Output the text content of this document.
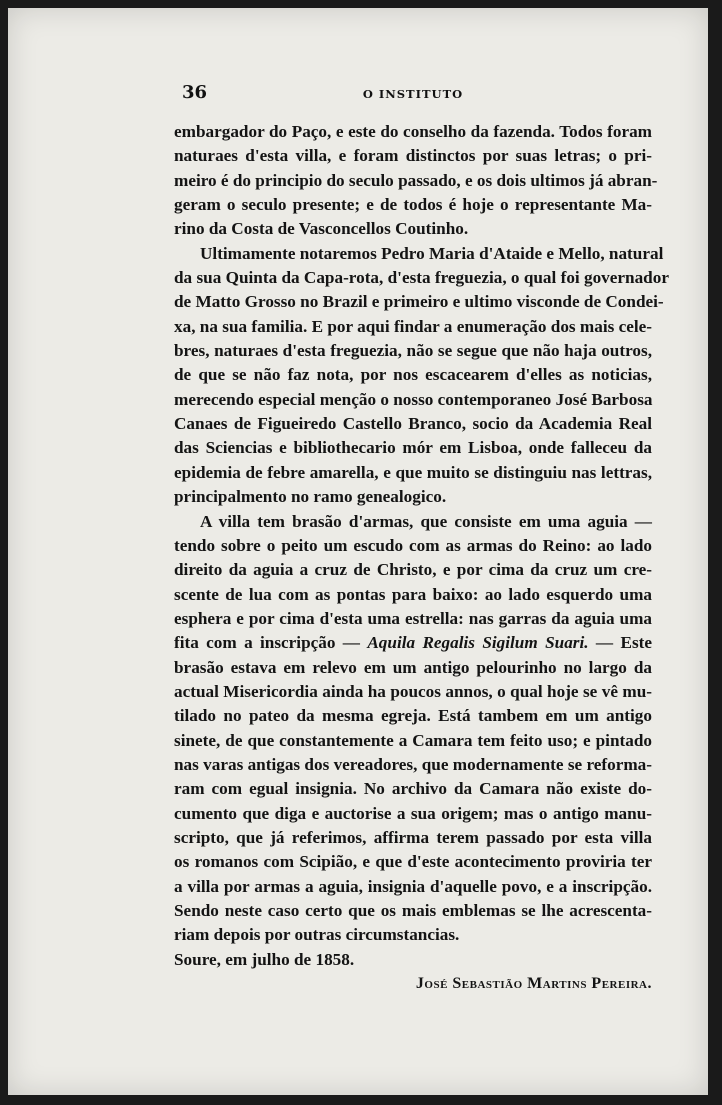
36	O INSTITUTO

embargador do Paço, e este do conselho da fazenda. Todos foram
naturaes d'esta villa, e foram distinctos por suas letras; o pri-
meiro é do principio do seculo passado, e os dois ultimos já abran-
geram o seculo presente; e de todos é hoje o representante Ma-
rino da Costa de Vasconcellos Coutinho.

Ultimamente notaremos Pedro Maria d'Ataide e Mello, natural
da sua Quinta da Capa-rota, d'esta freguezia, o qual foi governador
de Matto Grosso no Brazil e primeiro e ultimo visconde de Condei-
xa, na sua familia. E por aqui findar a enumeração dos mais cele-
bres, naturaes d'esta freguezia, não se segue que não haja outros,
de que se não faz nota, por nos escacearem d'elles as noticias,
merecendo especial menção o nosso contemporaneo José Barbosa
Canaes de Figueiredo Castello Branco, socio da Academia Real
das Sciencias e bibliothecario mór em Lisboa, onde falleceu da
epidemia de febre amarella, e que muito se distinguiu nas lettras,
principalmento no ramo genealogico.

A villa tem brasão d'armas, que consiste em uma aguia —
tendo sobre o peito um escudo com as armas do Reino: ao lado
direito da aguia a cruz de Christo, e por cima da cruz um cre-
scente de lua com as pontas para baixo: ao lado esquerdo uma
esphera e por cima d'esta uma estrella: nas garras da aguia uma
fita com a inscripção — Aquila Regalis Sigilum Suari. — Este
brasão estava em relevo em um antigo pelourinho no largo da
actual Misericordia ainda ha poucos annos, o qual hoje se vê mu-
tilado no pateo da mesma egreja. Está tambem em um antigo
sinete, de que constantemente a Camara tem feito uso; e pintado
nas varas antigas dos vereadores, que modernamente se reforma-
ram com egual insignia. No archivo da Camara não existe do-
cumento que diga e auctorise a sua origem; mas o antigo manu-
scripto, que já referimos, affirma terem passado por esta villa
os romanos com Scipião, e que d'este acontecimento proviria ter
a villa por armas a aguia, insignia d'aquelle povo, e a inscripção.
Sendo neste caso certo que os mais emblemas se lhe acrescenta-
riam depois por outras circumstancias.

Soure, em julho de 1858.

José Sebastião Martins Pereira.
